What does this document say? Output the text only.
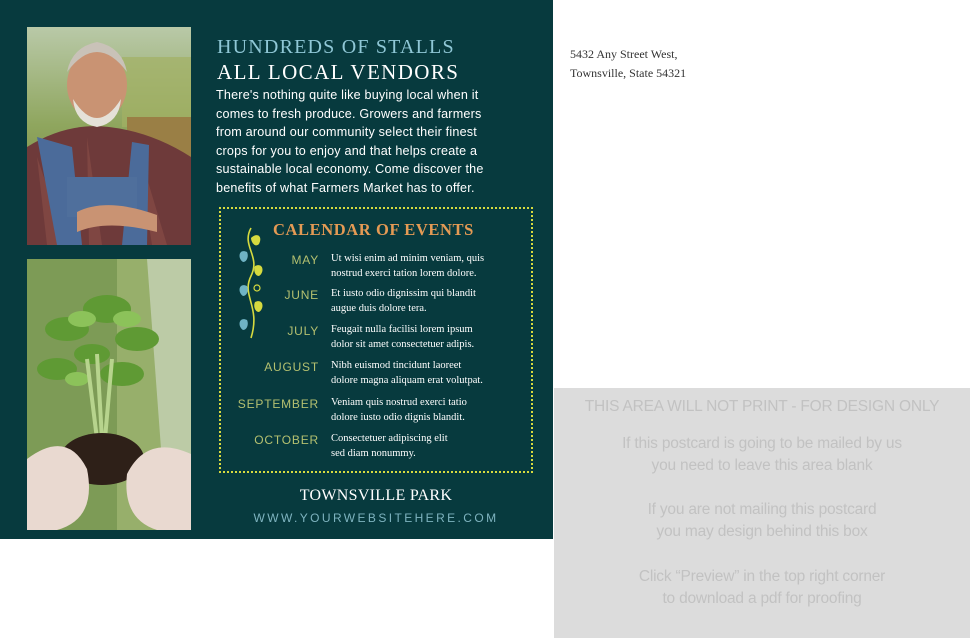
HUNDREDS OF STALLS
ALL LOCAL VENDORS
There's nothing quite like buying local when it
comes to fresh produce. Growers and farmers
from around our community select their finest
crops for you to enjoy and that helps create a
sustainable local economy. Come discover the
benefits of what Farmers Market has to offer.
CALENDAR OF EVENTS
MAY Ut wisi enim ad minim veniam, quis
nostrud exerci tation lorem dolore.
JUNE Et iusto odio dignissim qui blandit
augue duis dolore tera.
JULY Feugait nulla facilisi lorem ipsum
dolor sit amet consectetuer adipis.
AUGUST Nibh euismod tincidunt laoreet
dolore magna aliquam erat volutpat.
SEPTEMBER Veniam quis nostrud exerci tatio
dolore iusto odio dignis blandit.
OCTOBER Consectetuer adipiscing elit
sed diam nonummy.
TOWNSVILLE PARK
WWW.YOURWEBSITEHERE.COM
5432 Any Street West,
Townsville, State 54321
THIS AREA WILL NOT PRINT - FOR DESIGN ONLY
If this postcard is going to be mailed by us
you need to leave this area blank
If you are not mailing this postcard
you may design behind this box
Click “Preview” in the top right corner
to download a pdf for proofing
